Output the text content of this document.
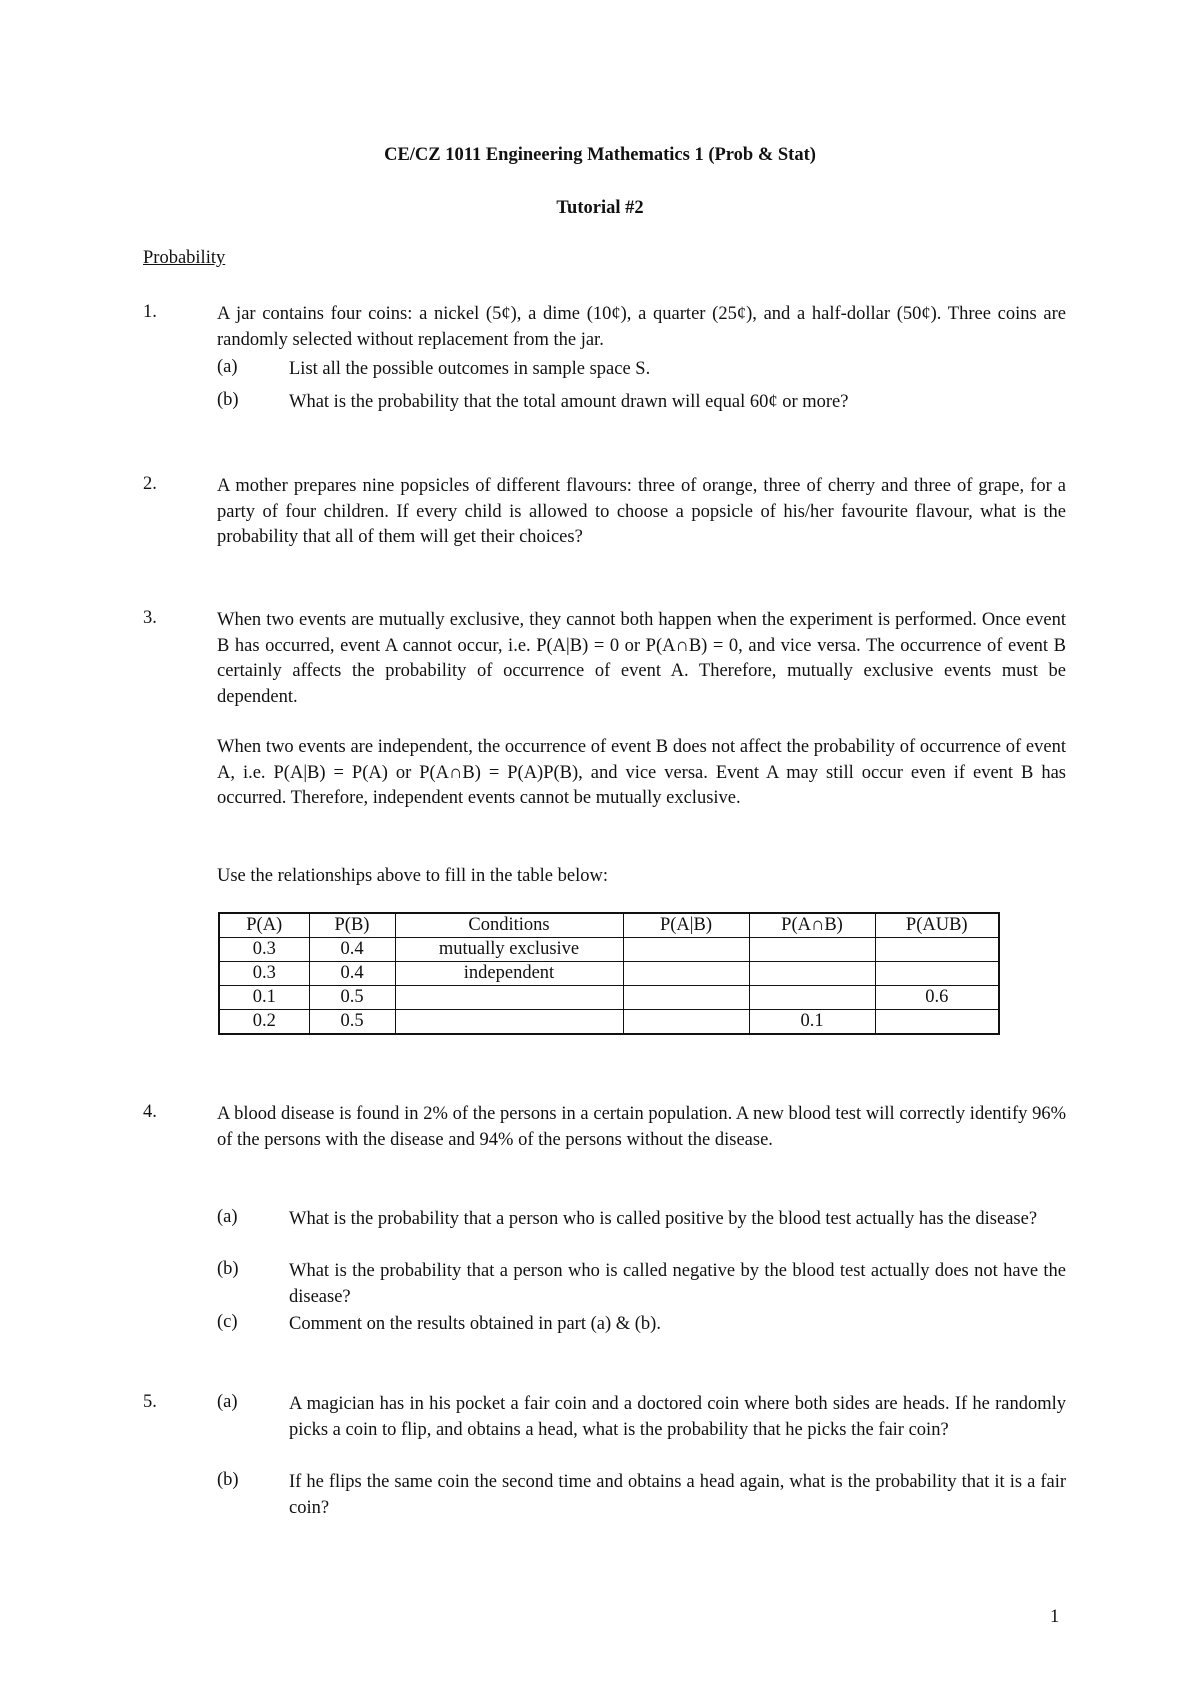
CE/CZ 1011 Engineering Mathematics 1 (Prob & Stat)
Tutorial #2
Probability
1.	A jar contains four coins: a nickel (5¢), a dime (10¢), a quarter (25¢), and a half-dollar (50¢). Three coins are randomly selected without replacement from the jar.
(a)	List all the possible outcomes in sample space S.
(b)	What is the probability that the total amount drawn will equal 60¢ or more?
2.	A mother prepares nine popsicles of different flavours: three of orange, three of cherry and three of grape, for a party of four children. If every child is allowed to choose a popsicle of his/her favourite flavour, what is the probability that all of them will get their choices?
3.	When two events are mutually exclusive, they cannot both happen when the experiment is performed. Once event B has occurred, event A cannot occur, i.e. P(A|B) = 0 or P(A∩B) = 0, and vice versa. The occurrence of event B certainly affects the probability of occurrence of event A. Therefore, mutually exclusive events must be dependent.
When two events are independent, the occurrence of event B does not affect the probability of occurrence of event A, i.e. P(A|B) = P(A) or P(A∩B) = P(A)P(B), and vice versa. Event A may still occur even if event B has occurred. Therefore, independent events cannot be mutually exclusive.
Use the relationships above to fill in the table below:
P(A)	P(B)	Conditions	P(A|B)	P(A∩B)	P(AUB)
0.3	0.4	mutually exclusive			
0.3	0.4	independent			
0.1	0.5				0.6
0.2	0.5			0.1	
4.	A blood disease is found in 2% of the persons in a certain population. A new blood test will correctly identify 96% of the persons with the disease and 94% of the persons without the disease.
(a)	What is the probability that a person who is called positive by the blood test actually has the disease?
(b)	What is the probability that a person who is called negative by the blood test actually does not have the disease?
(c)	Comment on the results obtained in part (a) & (b).
5.	(a)	A magician has in his pocket a fair coin and a doctored coin where both sides are heads. If he randomly picks a coin to flip, and obtains a head, what is the probability that he picks the fair coin?
(b)	If he flips the same coin the second time and obtains a head again, what is the probability that it is a fair coin?
1
